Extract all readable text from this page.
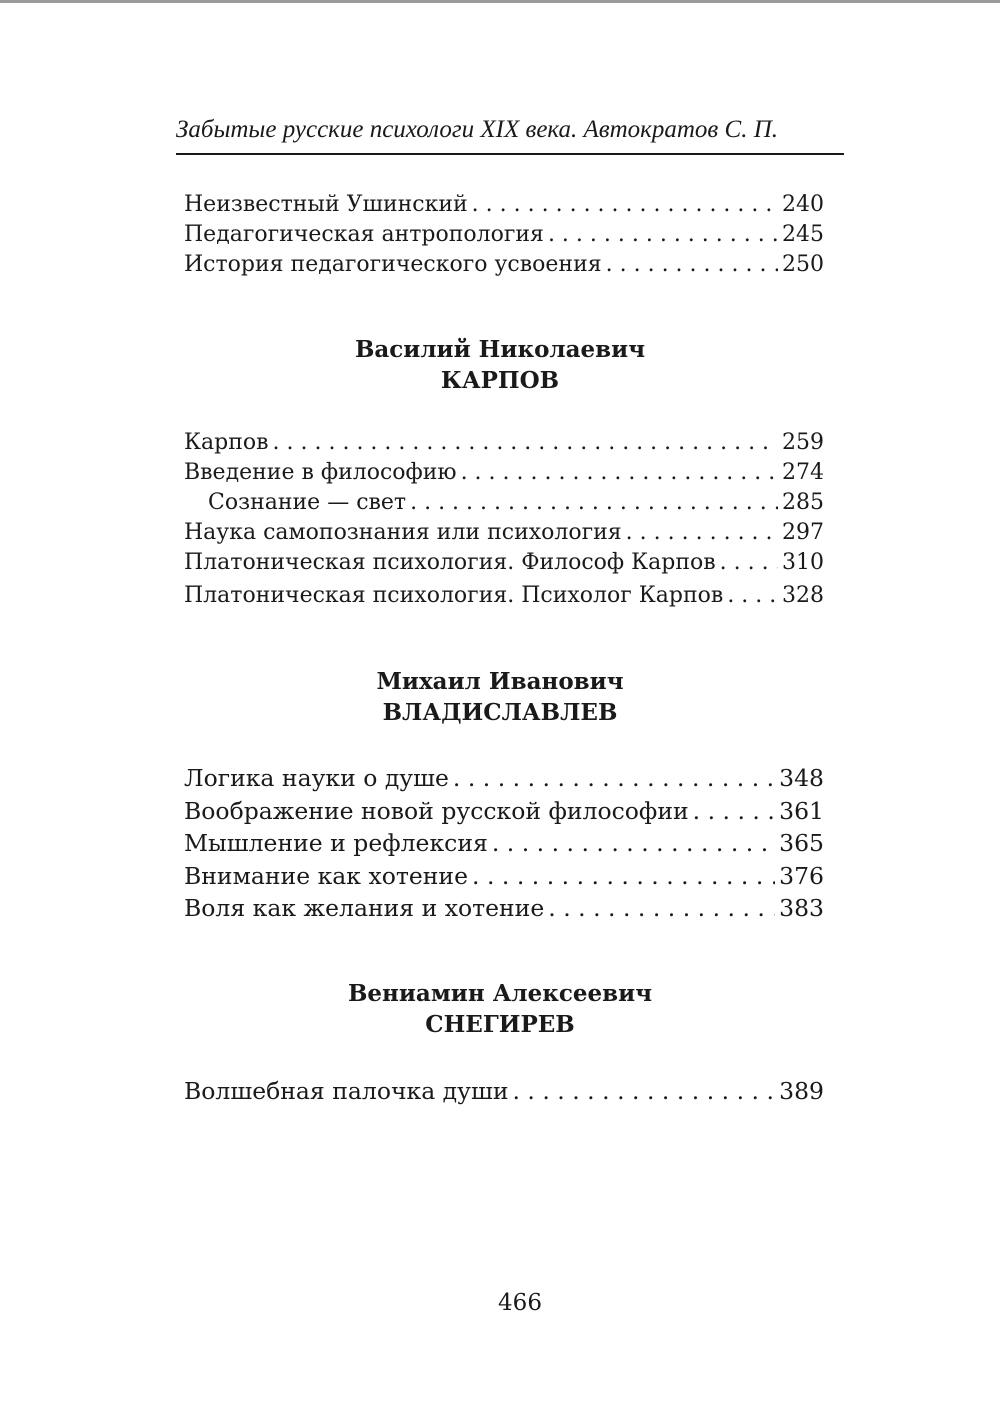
Забытые русские психологи XIX века. Автократов С. П.
Неизвестный Ушинский . . .	240
Педагогическая антропология . . .	245
История педагогического усвоения . . .	250
Василий Николаевич
КАРПОВ
Карпов . . .	259
Введение в философию . . .	274
Сознание — свет . . .	285
Наука самопознания или психология . . .	297
Платоническая психология. Философ Карпов . . .	310
Платоническая психология. Психолог Карпов . . .	328
Михаил Иванович
ВЛАДИСЛАВЛЕВ
Логика науки о душе . . .	348
Воображение новой русской философии . . .	361
Мышление и рефлексия . . .	365
Внимание как хотение . . .	376
Воля как желания и хотение . . .	383
Вениамин Алексеевич
СНЕГИРЕВ
Волшебная палочка души . . .	389
466
